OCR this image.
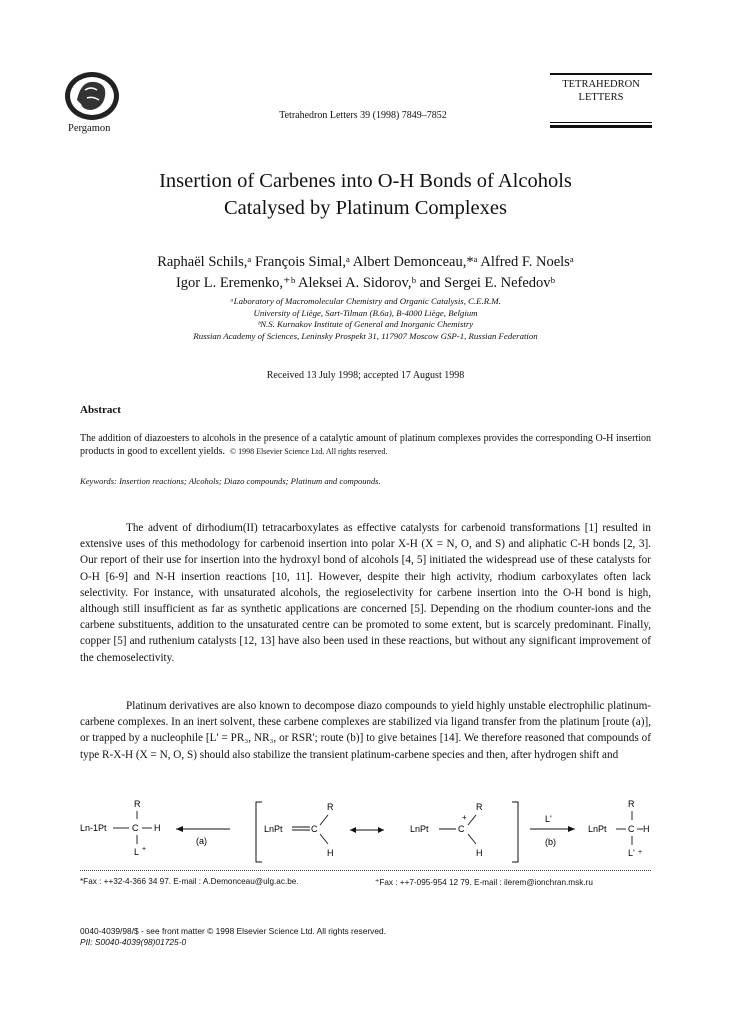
Pergamon
Tetrahedron Letters 39 (1998) 7849–7852
TETRAHEDRON
LETTERS
Insertion of Carbenes into O-H Bonds of Alcohols
Catalysed by Platinum Complexes
Raphaël Schils,ᵃ François Simal,ᵃ Albert Demonceau,*ᵃ Alfred F. Noelsᵃ
Igor L. Eremenko,⁺ᵇ Aleksei A. Sidorov,ᵇ and Sergei E. Nefedovᵇ
ᵃLaboratory of Macromolecular Chemistry and Organic Catalysis, C.E.R.M.
University of Liège, Sart-Tilman (B.6a), B-4000 Liège, Belgium
ᵇN.S. Kurnakov Institute of General and Inorganic Chemistry
Russian Academy of Sciences, Leninsky Prospekt 31, 117907 Moscow GSP-1, Russian Federation
Received 13 July 1998; accepted 17 August 1998
Abstract
The addition of diazoesters to alcohols in the presence of a catalytic amount of platinum complexes provides the corresponding O-H insertion products in good to excellent yields. © 1998 Elsevier Science Ltd. All rights reserved.
Keywords: Insertion reactions; Alcohols; Diazo compounds; Platinum and compounds.
The advent of dirhodium(II) tetracarboxylates as effective catalysts for carbenoid transformations [1] resulted in extensive uses of this methodology for carbenoid insertion into polar X-H (X = N, O, and S) and aliphatic C-H bonds [2, 3]. Our report of their use for insertion into the hydroxyl bond of alcohols [4, 5] initiated the widespread use of these catalysts for O-H [6-9] and N-H insertion reactions [10, 11]. However, despite their high activity, rhodium carboxylates often lack selectivity. For instance, with unsaturated alcohols, the regioselectivity for carbene insertion into the O-H bond is high, although still insufficient as far as synthetic applications are concerned [5]. Depending on the rhodium counter-ions and the carbene substituents, addition to the unsaturated centre can be promoted to some extent, but is scarcely predominant. Finally, copper [5] and ruthenium catalysts [12, 13] have also been used in these reactions, but without any significant improvement of the chemoselectivity.
Platinum derivatives are also known to decompose diazo compounds to yield highly unstable electrophilic platinum-carbene complexes. In an inert solvent, these carbene complexes are stabilized via ligand transfer from the platinum [route (a)], or trapped by a nucleophile [L' = PR₃, NR₃, or RSR'; route (b)] to give betaines [14]. We therefore reasoned that compounds of type R-X-H (X = N, O, S) should also stabilize the transient platinum-carbene species and then, after hydrogen shift and
R
Ln-1Pt	C H
L +
(a)
LnPt	C
R
H
LnPt	C
+
R
H
L'
(b)
LnPt C H
R
L' +
*Fax : ++32-4-366 34 97. E-mail : A.Demonceau@ulg.ac.be.	⁺Fax : ++7-095-954 12 79. E-mail : ilerem@ionchran.msk.ru
0040-4039/98/$ - see front matter © 1998 Elsevier Science Ltd. All rights reserved.
PII: S0040-4039(98)01725-0
